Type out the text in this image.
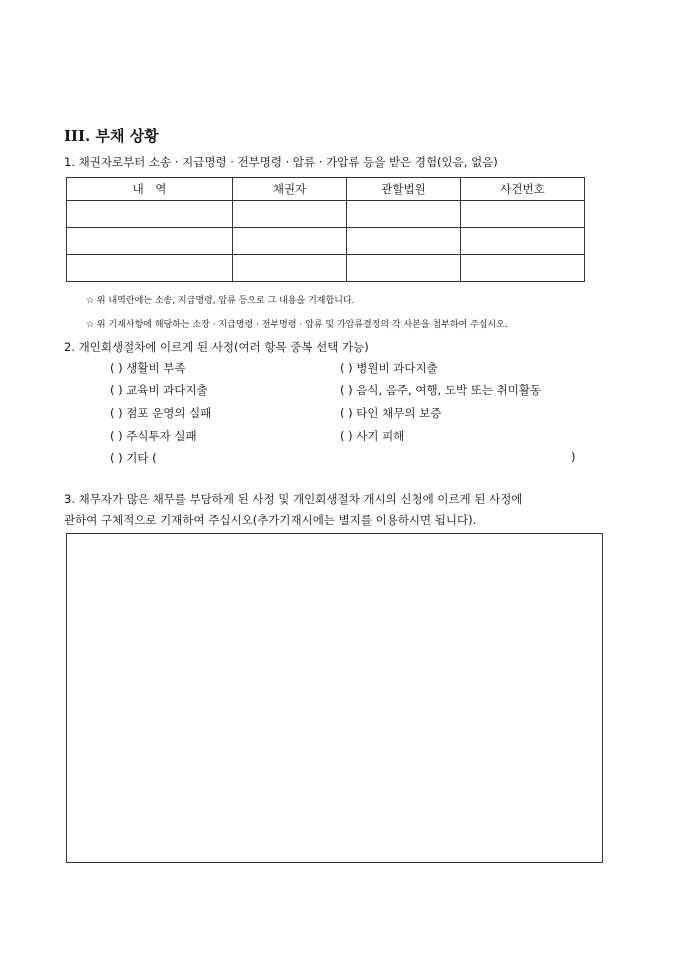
III. 부채 상황
1. 채권자로부터 소송 · 지급명령 · 전부명령 · 압류 · 가압류 등을 받은 경험(있음, 없음)
내　역	채권자	관할법원	사건번호

☆ 위 내역란에는 소송, 지급명령, 압류 등으로 그 내용을 기재합니다.
☆ 위 기재사항에 해당하는 소장 · 지급명령 · 전부명령 · 압류 및 가압류결정의 각 사본을 첨부하여 주십시오.
2. 개인회생절차에 이르게 된 사정(여러 항목 중복 선택 가능)
( ) 생활비 부족
( ) 교육비 과다지출
( ) 점포 운영의 실패
( ) 주식투자 실패
( ) 기타 (
( ) 병원비 과다지출
( ) 음식, 음주, 여행, 도박 또는 취미활동
( ) 타인 채무의 보증
( ) 사기 피해
)
3. 채무자가 많은 채무를 부담하게 된 사정 및 개인회생절차 개시의 신청에 이르게 된 사정에
관하여 구체적으로 기재하여 주십시오(추가기재시에는 별지를 이용하시면 됩니다).
